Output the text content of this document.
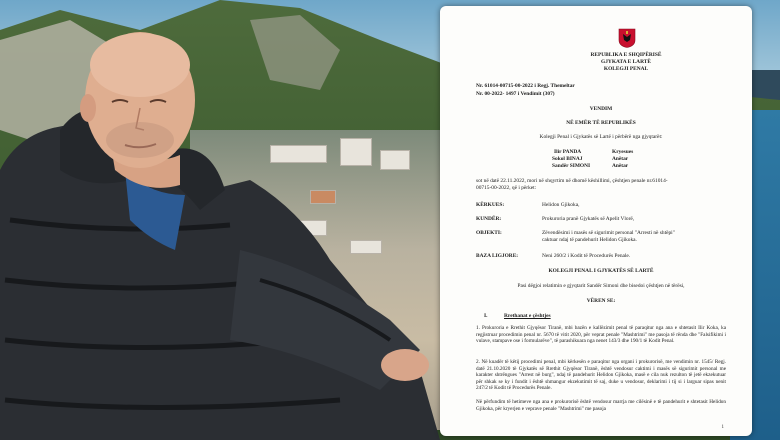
REPUBLIKA E SHQIPËRISË
GJYKATA E LARTË
KOLEGJI PENAL
Nr. 61014-00715-00-2022 i Regj. Themeltar
Nr. 00-2022- 1497 i Vendimit (307)
VENDIM
NË EMËR TË REPUBLIKËS
Kolegji Penal i Gjykatës së Lartë i përbërë nga gjyqtarët:
Ilir PANDA	Kryesues
Sokol BINAJ	Anëtar
Sandër SIMONI	Anëtar
sot në datë 22.11.2022, mori në shqyrtim në dhomë këshillimi, çështjen penale nr.61014-
00715-00-2022, që i përket:
KËRKUES:	Helidon Gjikoka,
KUNDËR:	Prokuroria pranë Gjykatës së Apelit Vlorë,
OBJEKTI:	Zëvendësimi i masës së sigurimit personal "Arresti në shtëpi"
caktuar ndaj të pandehurit Helidon Gjikoka.
BAZA LIGJORE:	Neni 260/2 i Kodit të Procedurës Penale.
KOLEGJI PENAL I GJYKATËS SË LARTË
Pasi dëgjoi relatimin e gjyqtarit Sandër Simoni dhe bisedoi çështjen në tërësi,
VËREN SE:
I.	Rrethanat e çështjes
1. Prokuroria e Rrethit Gjyqësor Tiranë, mbi bazën e kallëzimit penal të paraqitur nga ana e shtetasit Ilir Koka, ka regjistruar procedimin penal nr. 5670 të vitit 2020, për veprat penale "Mashtrimi" me pasoja të rënda dhe "Falsifikimi i vulave, stampave ose i formularëve", të parashikuara nga nenet 143/3 dhe 190/1 të Kodit Penal.
2. Në kuadër të këtij procedimi penal, mbi kërkesën e paraqitur nga organi i prokurorisë, me vendimin nr. 1545/ Regj. datë 21.10.2020 të Gjykatës së Rrethit Gjyqësor Tiranë, është vendosur caktimi i masës së sigurimit personal me karakter shtrëngues "Arrest në burg", ndaj të pandehurit Helidon Gjikoka, masë e cila nuk rezulton të jetë ekzekutuar për shkak se ky i fundit i është shmangur ekzekutimit të saj, duke u vendosur, deklarimi i tij si i larguar sipas nenit 247/2 të Kodit të Procedurës Penale.
Në përfundim të hetimeve nga ana e prokurorisë është vendosur marrja me cilësinë e të pandehurit e shtetasit Helidon Gjikoka, për kryerjen e veprave penale "Mashtrimi" me pasoja
1
